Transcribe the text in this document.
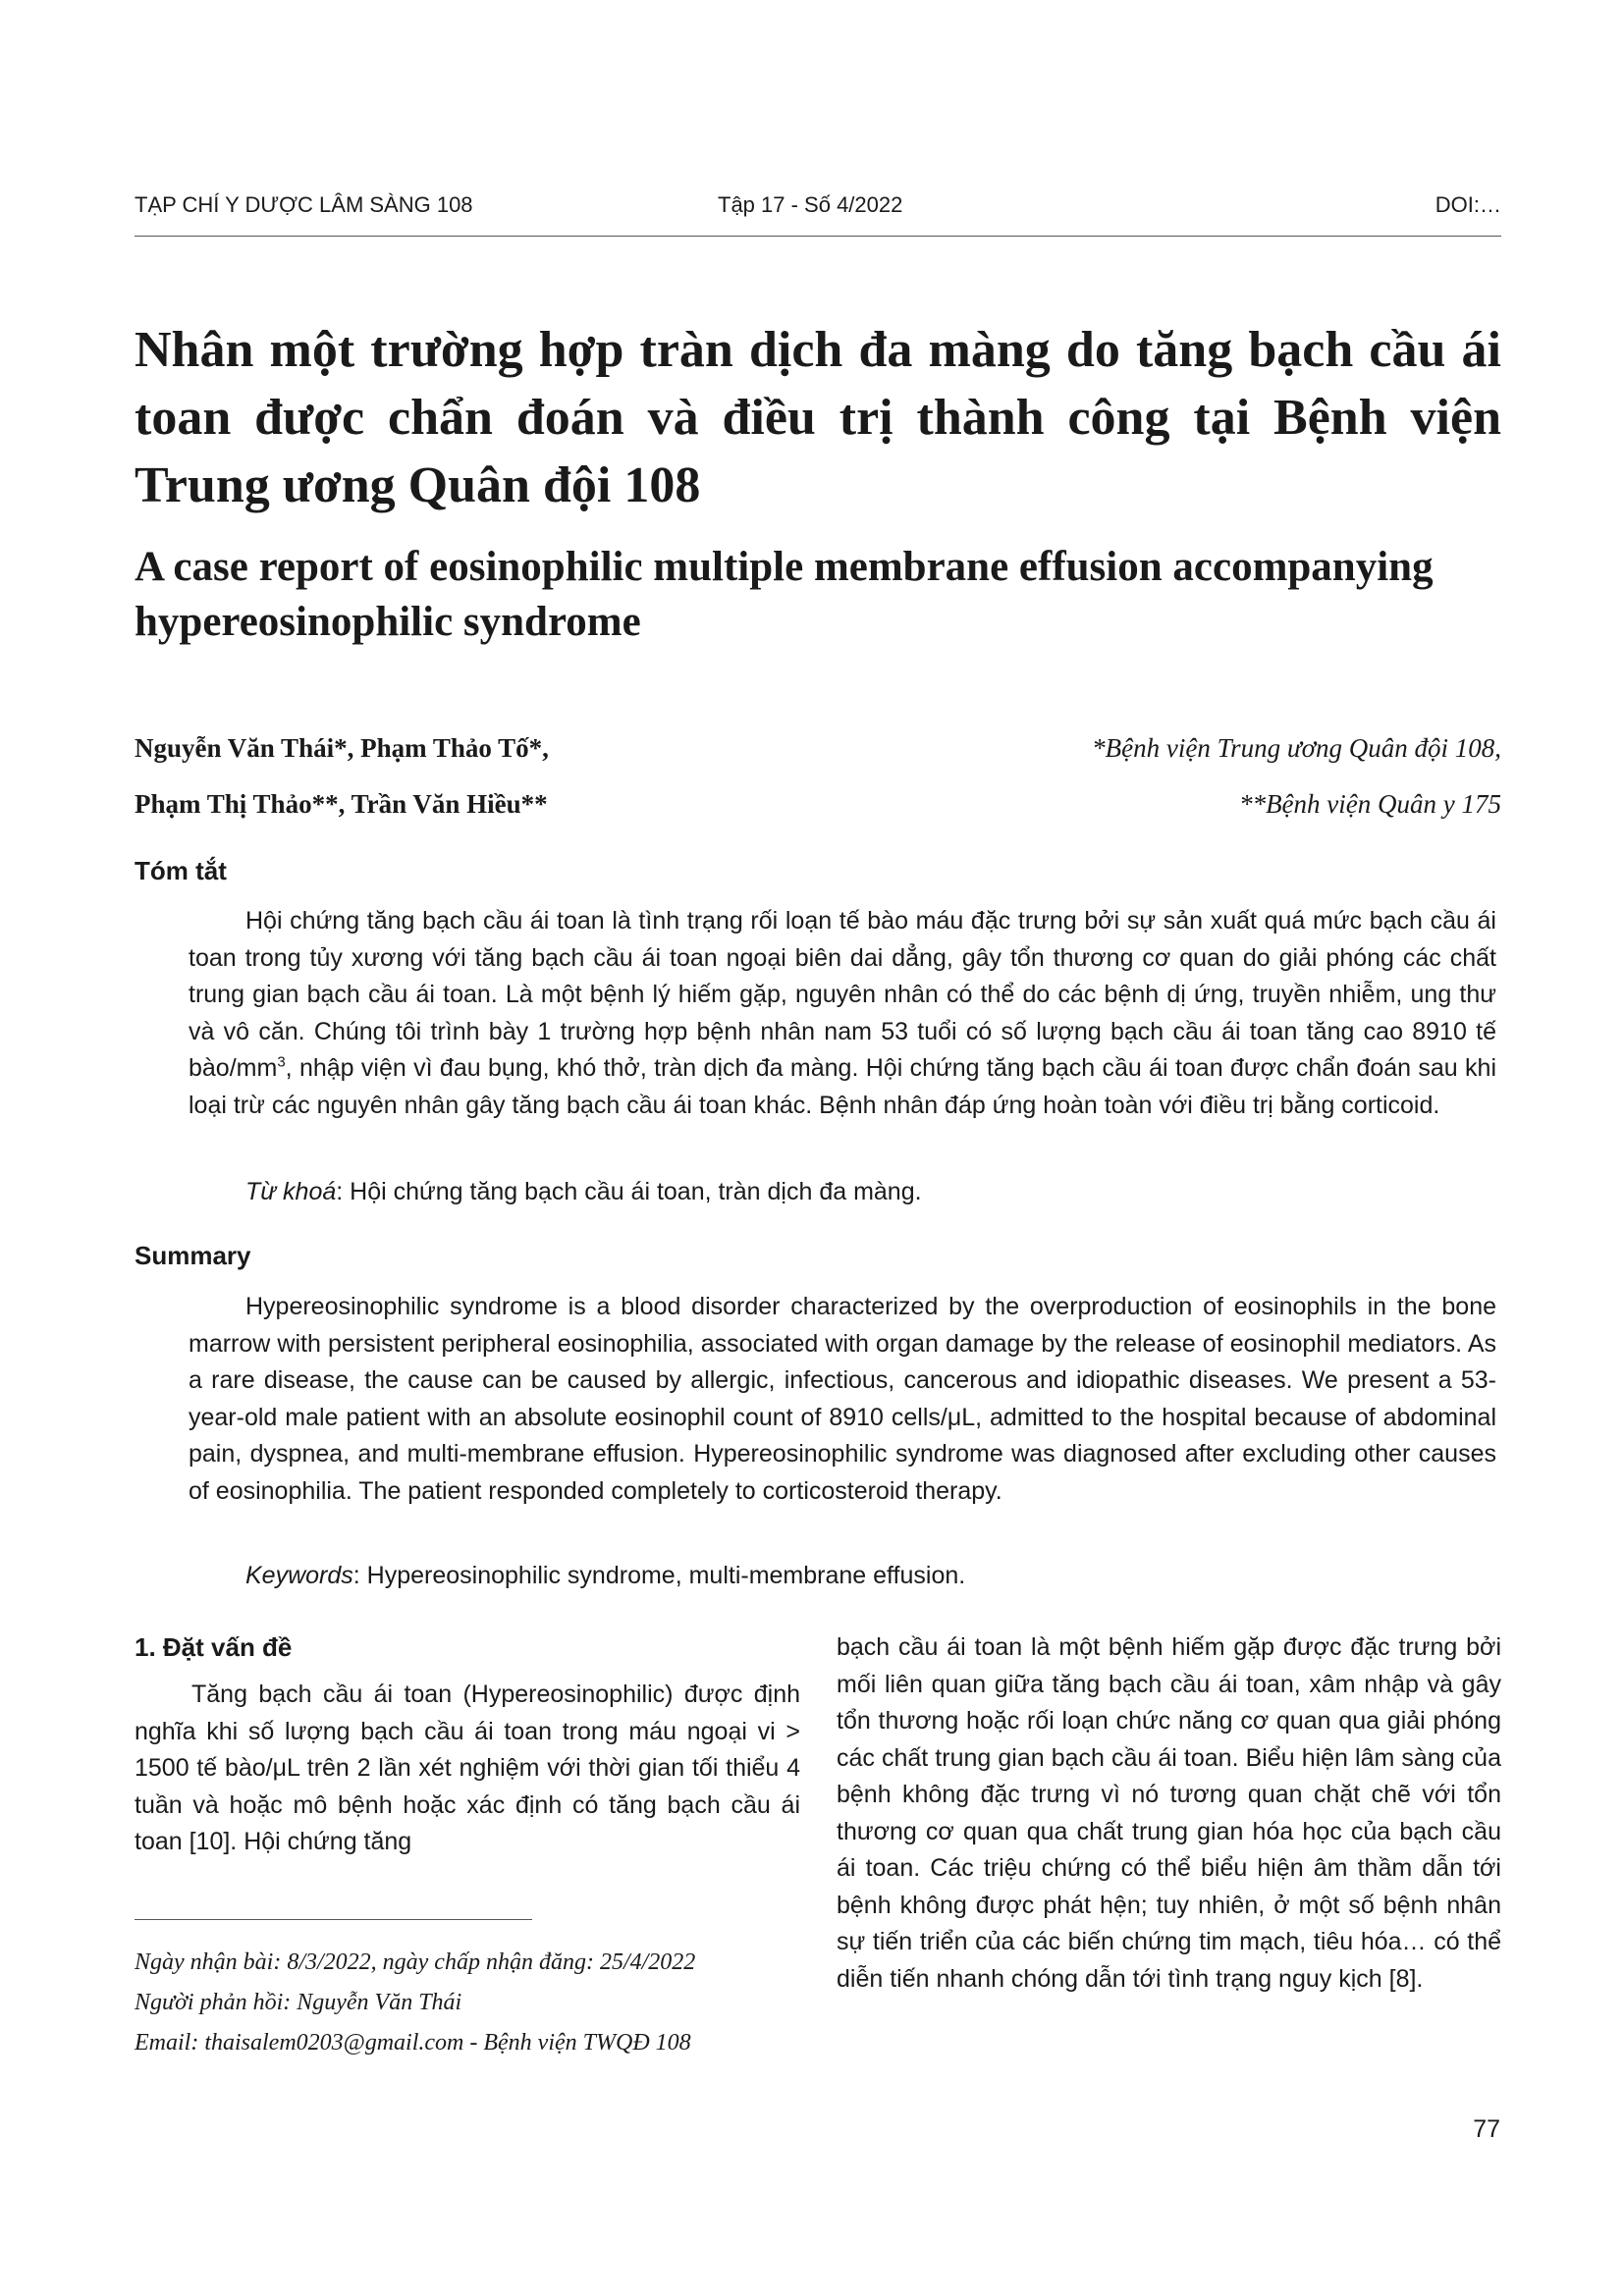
TẠP CHÍ Y DƯỢC LÂM SÀNG 108	Tập 17 - Số 4/2022	DOI:…
Nhân một trường hợp tràn dịch đa màng do tăng bạch cầu ái toan được chẩn đoán và điều trị thành công tại Bệnh viện Trung ương Quân đội 108
A case report of eosinophilic multiple membrane effusion accompanying hypereosinophilic syndrome
Nguyễn Văn Thái*, Phạm Thảo Tố*,
Phạm Thị Thảo**, Trần Văn Hiều**
*Bệnh viện Trung ương Quân đội 108,
**Bệnh viện Quân y 175
Tóm tắt

Hội chứng tăng bạch cầu ái toan là tình trạng rối loạn tế bào máu đặc trưng bởi sự sản xuất quá mức bạch cầu ái toan trong tủy xương với tăng bạch cầu ái toan ngoại biên dai dẳng, gây tổn thương cơ quan do giải phóng các chất trung gian bạch cầu ái toan. Là một bệnh lý hiếm gặp, nguyên nhân có thể do các bệnh dị ứng, truyền nhiễm, ung thư và vô căn. Chúng tôi trình bày 1 trường hợp bệnh nhân nam 53 tuổi có số lượng bạch cầu ái toan tăng cao 8910 tế bào/$mm^3$, nhập viện vì đau bụng, khó thở, tràn dịch đa màng. Hội chứng tăng bạch cầu ái toan được chẩn đoán sau khi loại trừ các nguyên nhân gây tăng bạch cầu ái toan khác. Bệnh nhân đáp ứng hoàn toàn với điều trị bằng corticoid.

Từ khoá: Hội chứng tăng bạch cầu ái toan, tràn dịch đa màng.

Summary

Hypereosinophilic syndrome is a blood disorder characterized by the overproduction of eosinophils in the bone marrow with persistent peripheral eosinophilia, associated with organ damage by the release of eosinophil mediators. As a rare disease, the cause can be caused by allergic, infectious, cancerous and idiopathic diseases. We present a 53-year-old male patient with an absolute eosinophil count of 8910 cells/μL, admitted to the hospital because of abdominal pain, dyspnea, and multi-membrane effusion. Hypereosinophilic syndrome was diagnosed after excluding other causes of eosinophilia. The patient responded completely to corticosteroid therapy.

Keywords: Hypereosinophilic syndrome, multi-membrane effusion.

1. Đặt vấn đề

Tăng bạch cầu ái toan (Hypereosinophilic) được định nghĩa khi số lượng bạch cầu ái toan trong máu ngoại vi > 1500 tế bào/μL trên 2 lần xét nghiệm với thời gian tối thiểu 4 tuần và hoặc mô bệnh hoặc xác định có tăng bạch cầu ái toan [10]. Hội chứng tăng

bạch cầu ái toan là một bệnh hiếm gặp được đặc trưng bởi mối liên quan giữa tăng bạch cầu ái toan, xâm nhập và gây tổn thương hoặc rối loạn chức năng cơ quan qua giải phóng các chất trung gian bạch cầu ái toan. Biểu hiện lâm sàng của bệnh không đặc trưng vì nó tương quan chặt chẽ với tổn thương cơ quan qua chất trung gian hóa học của bạch cầu ái toan. Các triệu chứng có thể biểu hiện âm thầm dẫn tới bệnh không được phát hện; tuy nhiên, ở một số bệnh nhân sự tiến triển của các biến chứng tim mạch, tiêu hóa… có thể diễn tiến nhanh chóng dẫn tới tình trạng nguy kịch [8].

Ngày nhận bài: 8/3/2022, ngày chấp nhận đăng: 25/4/2022
Người phản hồi: Nguyễn Văn Thái
Email: thaisalem0203@gmail.com - Bệnh viện TWQĐ 108
77
